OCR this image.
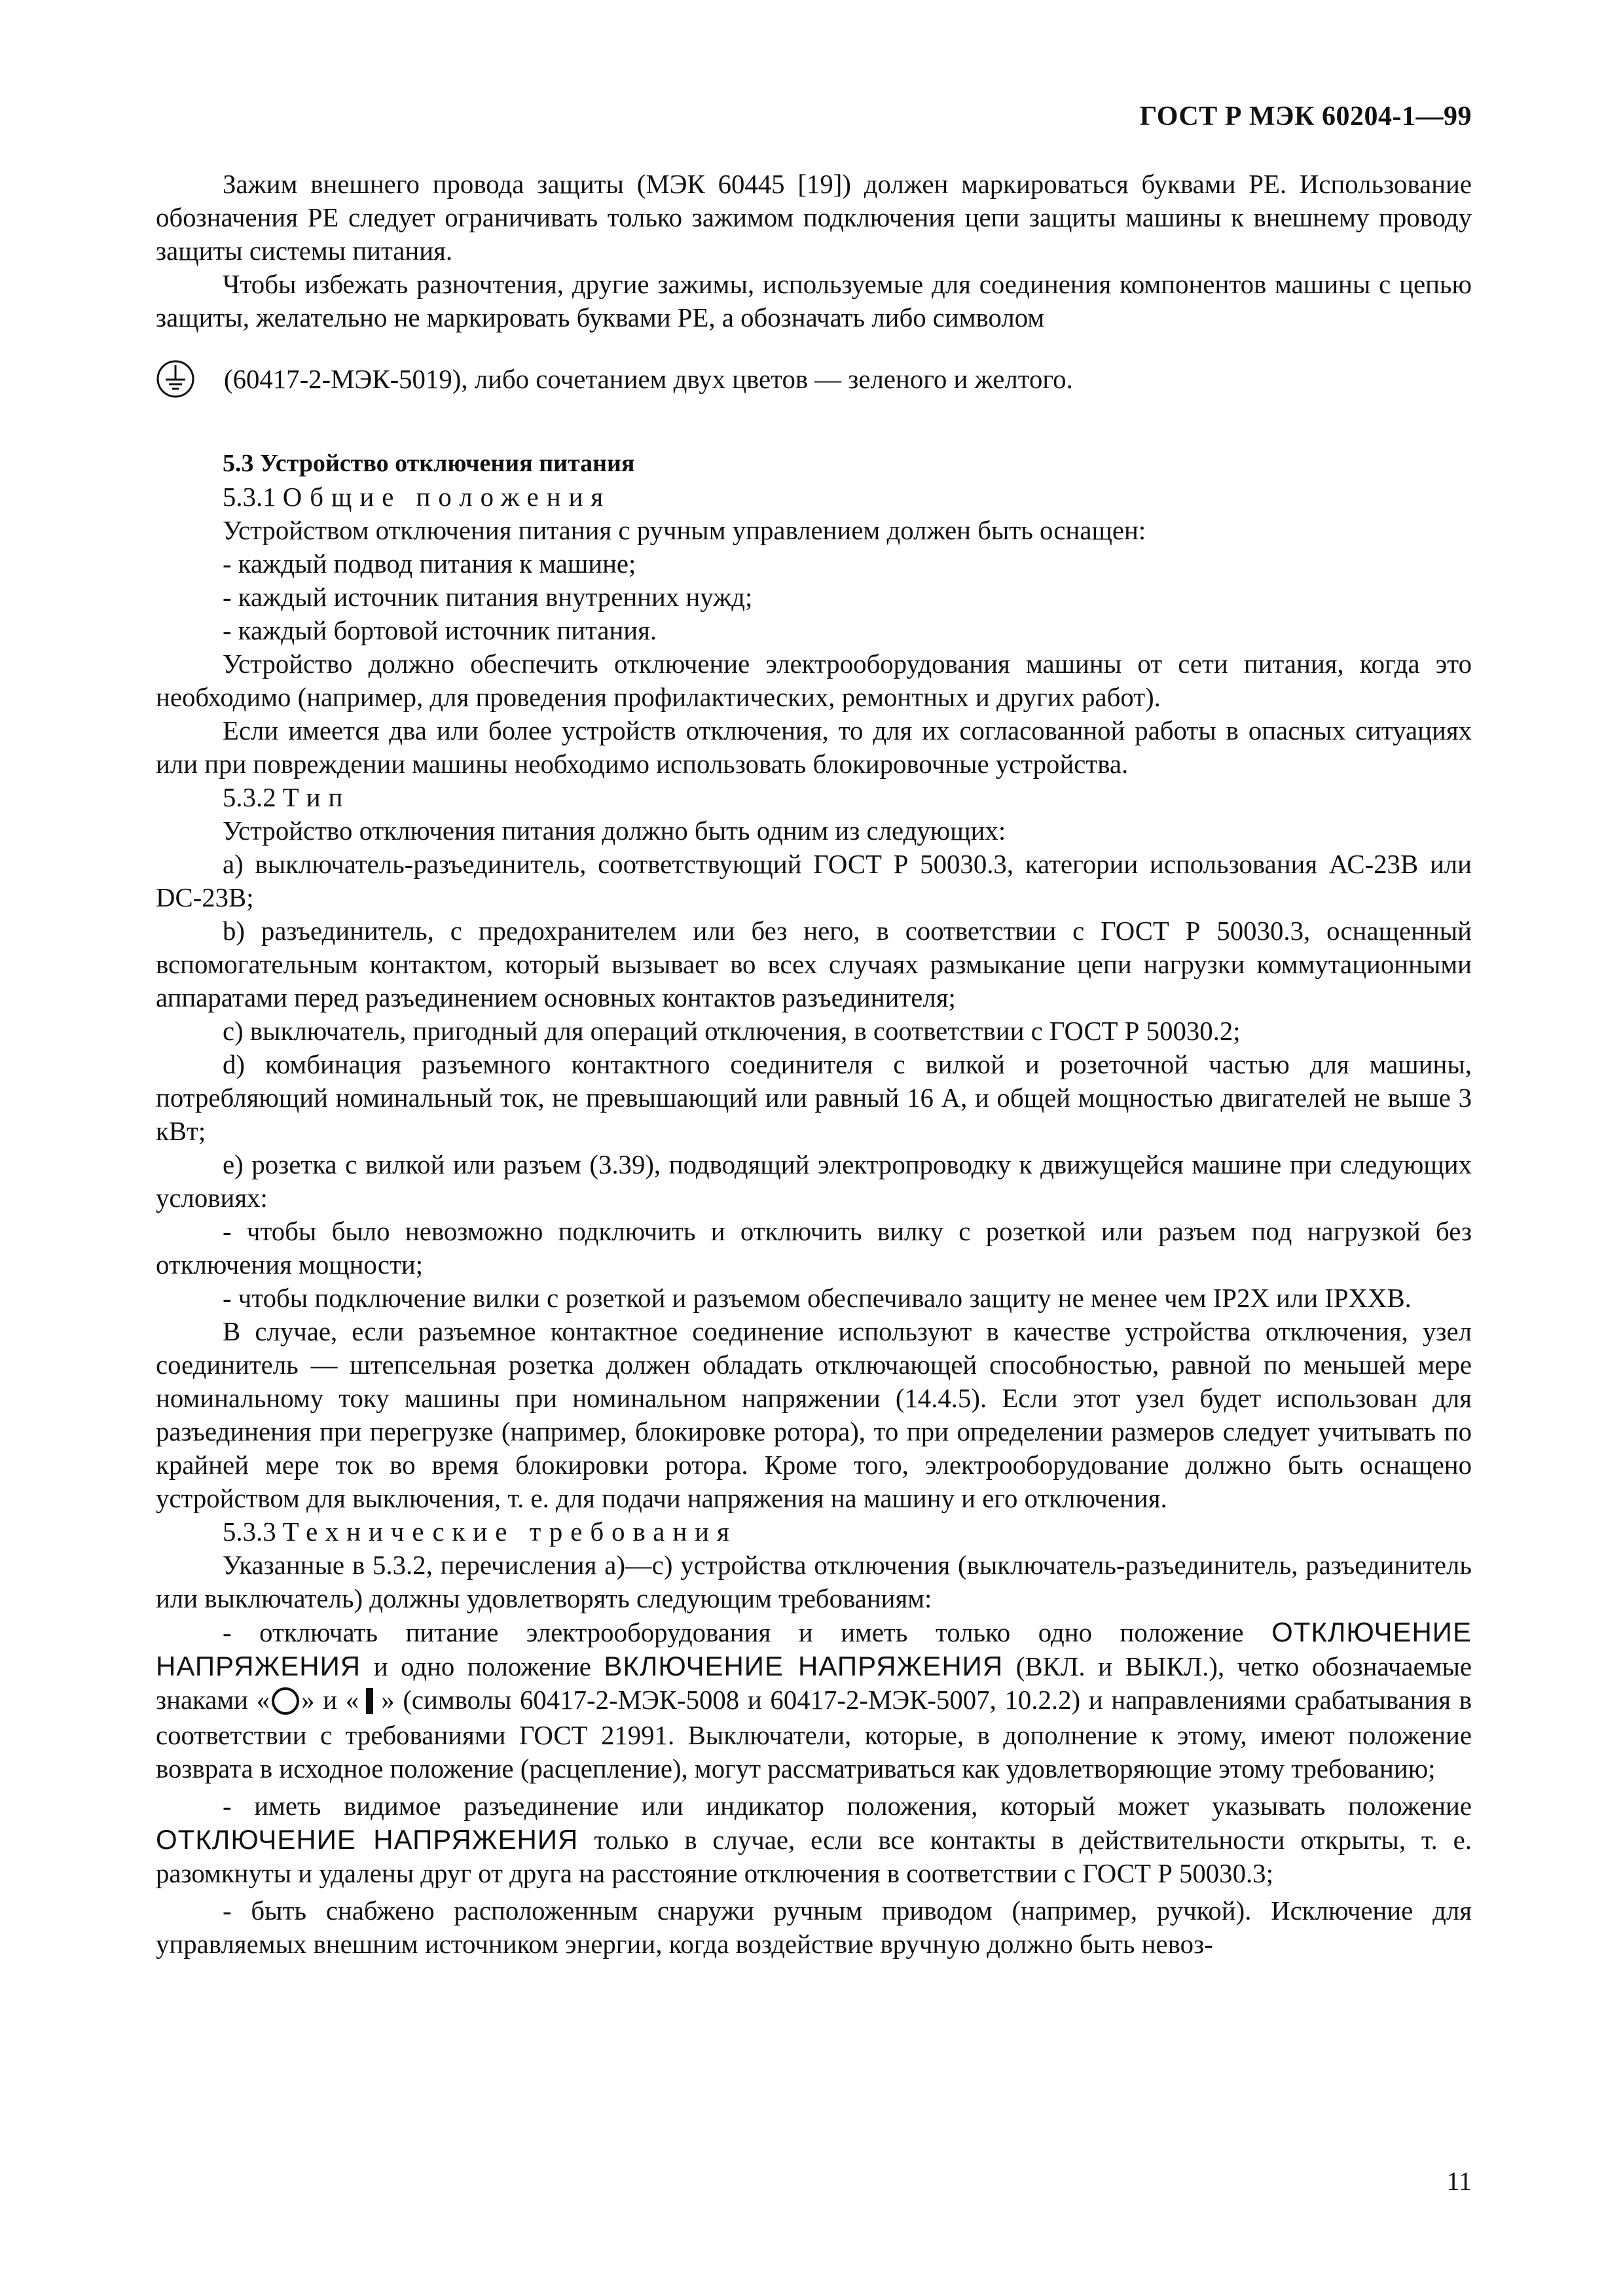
ГОСТ Р МЭК 60204-1—99

Зажим внешнего провода защиты (МЭК 60445 [19]) должен маркироваться буквами PE. Использование обозначения PE следует ограничивать только зажимом подключения цепи защиты машины к внешнему проводу защиты системы питания.

Чтобы избежать разночтения, другие зажимы, используемые для соединения компонентов машины с цепью защиты, желательно не маркировать буквами PE, а обозначать либо символом

(60417-2-МЭК-5019), либо сочетанием двух цветов — зеленого и желтого.
5.3 Устройство отключения питания

5.3.1 Общие положения

Устройством отключения питания с ручным управлением должен быть оснащен:

- каждый подвод питания к машине;

- каждый источник питания внутренних нужд;

- каждый бортовой источник питания.

Устройство должно обеспечить отключение электрооборудования машины от сети питания, когда это необходимо (например, для проведения профилактических, ремонтных и других работ).

Если имеется два или более устройств отключения, то для их согласованной работы в опасных ситуациях или при повреждении машины необходимо использовать блокировочные устройства.

5.3.2 Тип

Устройство отключения питания должно быть одним из следующих:

a) выключатель-разъединитель, соответствующий ГОСТ Р 50030.3, категории использования АС-23В или DC-23B;

b) разъединитель, с предохранителем или без него, в соответствии с ГОСТ Р 50030.3, оснащенный вспомогательным контактом, который вызывает во всех случаях размыкание цепи нагрузки коммутационными аппаратами перед разъединением основных контактов разъединителя;

c) выключатель, пригодный для операций отключения, в соответствии с ГОСТ Р 50030.2;

d) комбинация разъемного контактного соединителя с вилкой и розеточной частью для машины, потребляющий номинальный ток, не превышающий или равный 16 А, и общей мощностью двигателей не выше 3 кВт;

e) розетка с вилкой или разъем (3.39), подводящий электропроводку к движущейся машине при следующих условиях:

- чтобы было невозможно подключить и отключить вилку с розеткой или разъем под нагрузкой без отключения мощности;

- чтобы подключение вилки с розеткой и разъемом обеспечивало защиту не менее чем IP2X или IPXXB.

В случае, если разъемное контактное соединение используют в качестве устройства отключения, узел соединитель — штепсельная розетка должен обладать отключающей способностью, равной по меньшей мере номинальному току машины при номинальном напряжении (14.4.5). Если этот узел будет использован для разъединения при перегрузке (например, блокировке ротора), то при определении размеров следует учитывать по крайней мере ток во время блокировки ротора. Кроме того, электрооборудование должно быть оснащено устройством для выключения, т. е. для подачи напряжения на машину и его отключения.

5.3.3 Технические требования

Указанные в 5.3.2, перечисления а)—с) устройства отключения (выключатель-разъединитель, разъединитель или выключатель) должны удовлетворять следующим требованиям:

- отключать питание электрооборудования и иметь только одно положение ОТКЛЮЧЕНИЕ НАПРЯЖЕНИЯ и одно положение ВКЛЮЧЕНИЕ НАПРЯЖЕНИЯ (ВКЛ. и ВЫКЛ.), четко обозначаемые знаками « » и « » (символы 60417-2-МЭК-5008 и 60417-2-МЭК-5007, 10.2.2) и направлениями срабатывания в соответствии с требованиями ГОСТ 21991. Выключатели, которые, в дополнение к этому, имеют положение возврата в исходное положение (расцепление), могут рассматриваться как удовлетворяющие этому требованию;

- иметь видимое разъединение или индикатор положения, который может указывать положение ОТКЛЮЧЕНИЕ НАПРЯЖЕНИЯ только в случае, если все контакты в действительности открыты, т. е. разомкнуты и удалены друг от друга на расстояние отключения в соответствии с ГОСТ Р 50030.3;

- быть снабжено расположенным снаружи ручным приводом (например, ручкой). Исключение для управляемых внешним источником энергии, когда воздействие вручную должно быть невоз-

11
